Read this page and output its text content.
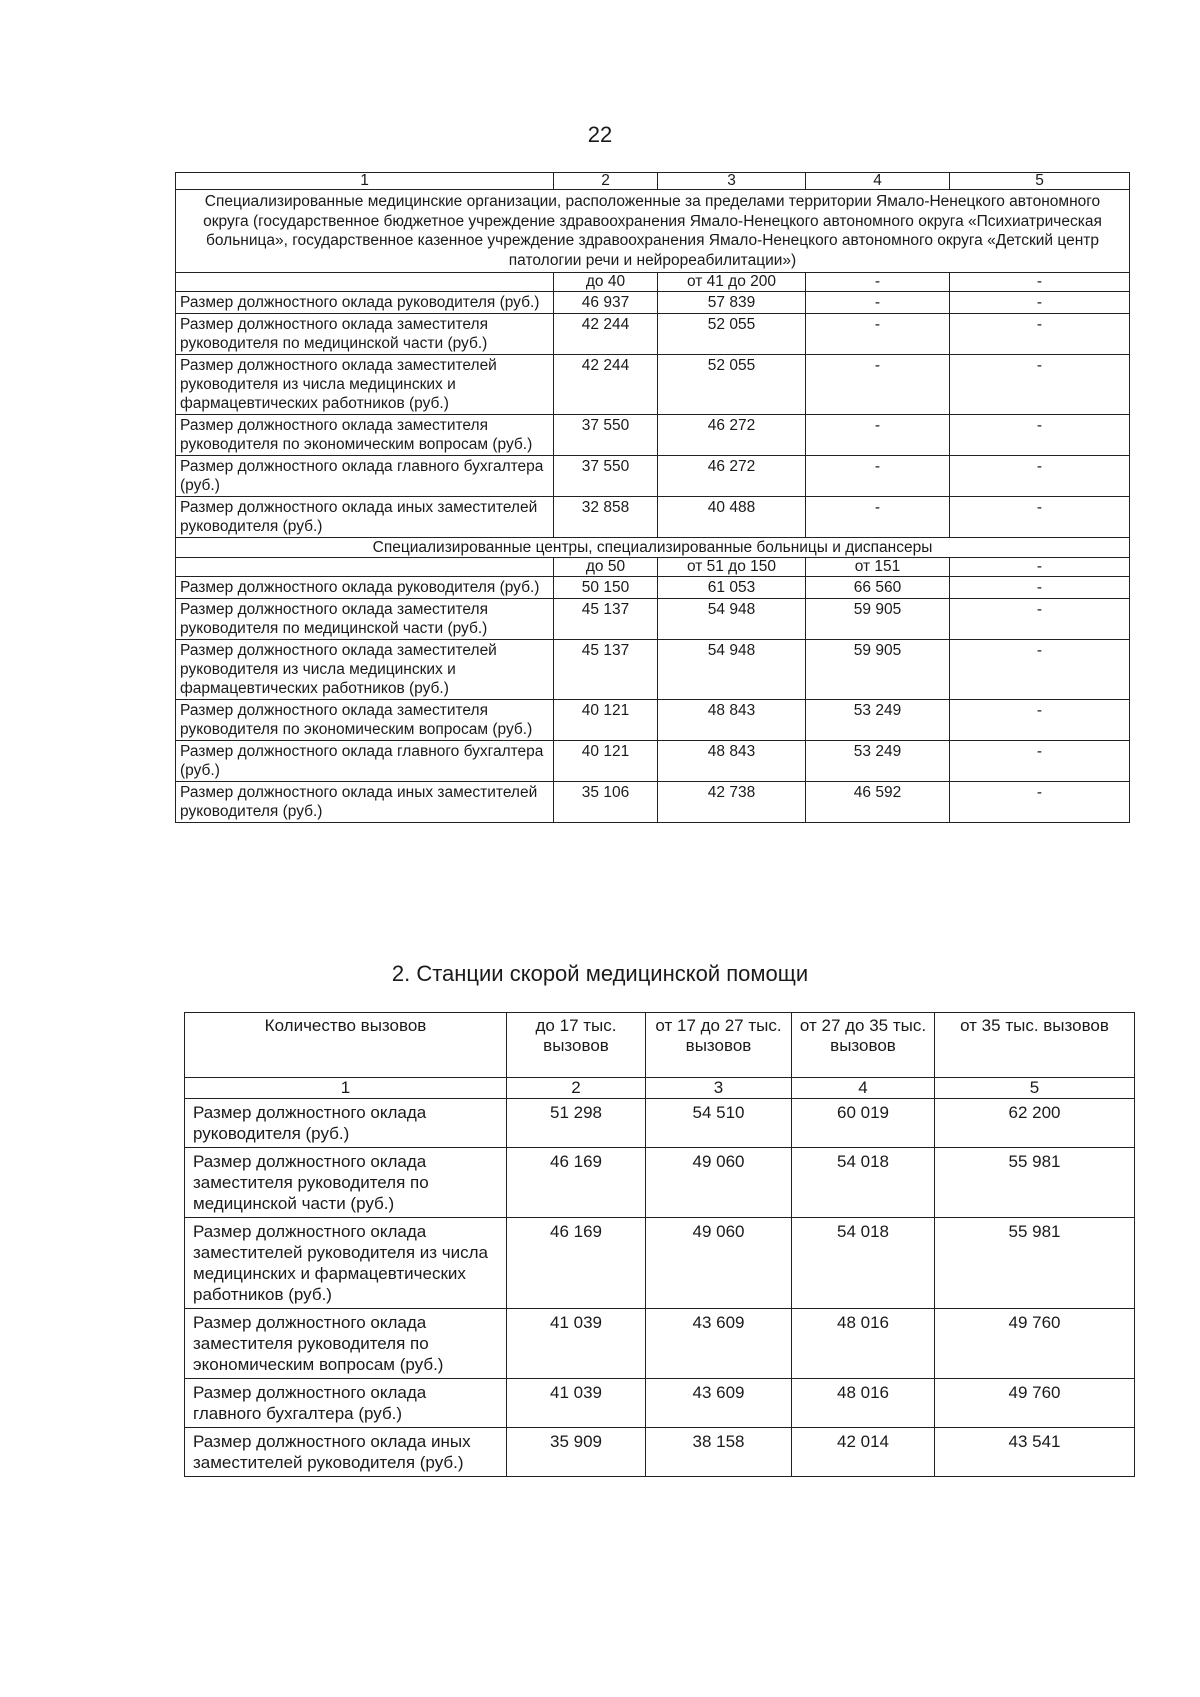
22
1	2	3	4	5
Специализированные медицинские организации, расположенные за пределами территории Ямало-Ненецкого автономного округа (государственное бюджетное учреждение здравоохранения Ямало-Ненецкого автономного округа «Психиатрическая больница», государственное казенное учреждение здравоохранения Ямало-Ненецкого автономного округа «Детский центр патологии речи и нейрореабилитации»)				
	до 40	от 41 до 200	-	-
Размер должностного оклада руководителя (руб.)	46 937	57 839	-	-
Размер должностного оклада заместителя руководителя по медицинской части (руб.)	42 244	52 055	-	-
Размер должностного оклада заместителей руководителя из числа медицинских и фармацевтических работников (руб.)	42 244	52 055	-	-
Размер должностного оклада заместителя руководителя по экономическим вопросам (руб.)	37 550	46 272	-	-
Размер должностного оклада главного бухгалтера (руб.)	37 550	46 272	-	-
Размер должностного оклада иных заместителей руководителя (руб.)	32 858	40 488	-	-
Специализированные центры, специализированные больницы и диспансеры				
	до 50	от 51 до 150	от 151	-
Размер должностного оклада руководителя (руб.)	50 150	61 053	66 560	-
Размер должностного оклада заместителя руководителя по медицинской части (руб.)	45 137	54 948	59 905	-
Размер должностного оклада заместителей руководителя из числа медицинских и фармацевтических работников (руб.)	45 137	54 948	59 905	-
Размер должностного оклада заместителя руководителя по экономическим вопросам (руб.)	40 121	48 843	53 249	-
Размер должностного оклада главного бухгалтера (руб.)	40 121	48 843	53 249	-
Размер должностного оклада иных заместителей руководителя (руб.)	35 106	42 738	46 592	-
2. Станции скорой медицинской помощи
Количество вызовов	до 17 тыс. вызовов	от 17 до 27 тыс. вызовов	от 27 до 35 тыс. вызовов	от 35 тыс. вызовов
1	2	3	4	5
Размер должностного оклада руководителя (руб.)	51 298	54 510	60 019	62 200
Размер должностного оклада заместителя руководителя по медицинской части (руб.)	46 169	49 060	54 018	55 981
Размер должностного оклада заместителей руководителя из числа медицинских и фармацевтических работников (руб.)	46 169	49 060	54 018	55 981
Размер должностного оклада заместителя руководителя по экономическим вопросам (руб.)	41 039	43 609	48 016	49 760
Размер должностного оклада главного бухгалтера (руб.)	41 039	43 609	48 016	49 760
Размер должностного оклада иных заместителей руководителя (руб.)	35 909	38 158	42 014	43 541
